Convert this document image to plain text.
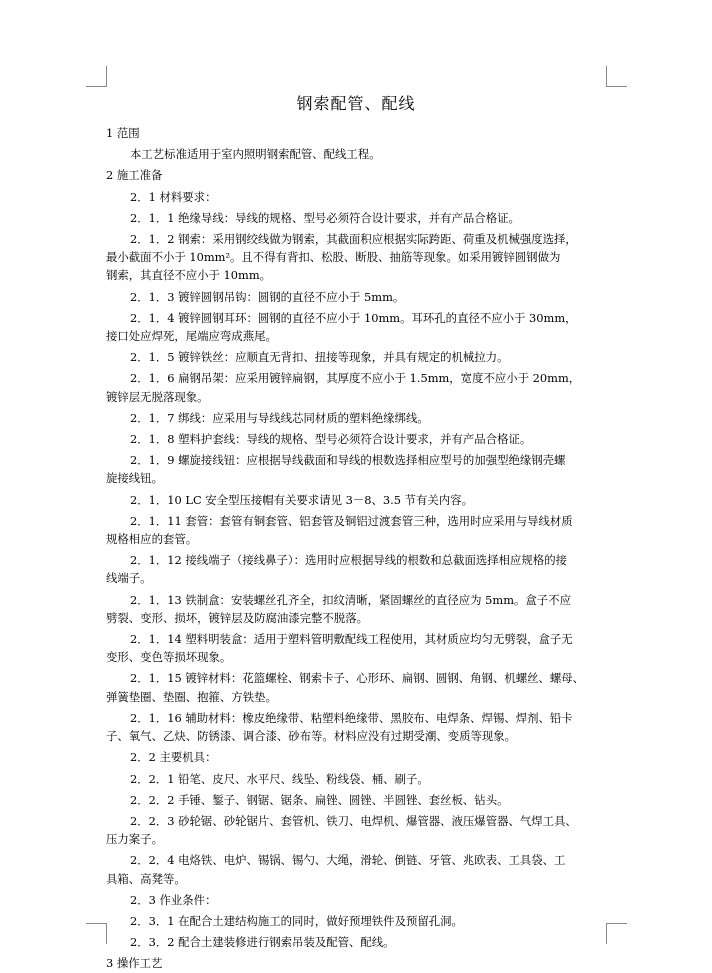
钢索配管、配线
1 范围
本工艺标准适用于室内照明钢索配管、配线工程。
2 施工准备
2．1 材料要求：
2．1．1 绝缘导线：导线的规格、型号必须符合设计要求，并有产品合格证。
2．1．2 钢索：采用钢绞线做为钢索，其截面积应根据实际跨距、荷重及机械强度选择，
最小截面不小于 10mm²。且不得有背扣、松股、断股、抽筋等现象。如采用镀锌圆钢做为
钢索，其直径不应小于 10mm。
2．1．3 镀锌圆钢吊钩：圆钢的直径不应小于 5mm。
2．1．4 镀锌圆钢耳环：圆钢的直径不应小于 10mm。耳环孔的直径不应小于 30mm，
接口处应焊死，尾端应弯成燕尾。
2．1．5 镀锌铁丝：应顺直无背扣、扭接等现象，并具有规定的机械拉力。
2．1．6 扁钢吊架：应采用镀锌扁钢，其厚度不应小于 1.5mm，宽度不应小于 20mm，
镀锌层无脱落现象。
2．1．7 绑线：应采用与导线线芯同材质的塑料绝缘绑线。
2．1．8 塑料护套线：导线的规格、型号必须符合设计要求，并有产品合格证。
2．1．9 螺旋接线钮：应根据导线截面和导线的根数选择相应型号的加强型绝缘钢壳螺
旋接线钮。
2．1．10 LC 安全型压接帽有关要求请见 3－8、3.5 节有关内容。
2．1．11 套管：套管有铜套管、铝套管及铜铝过渡套管三种，选用时应采用与导线材质
规格相应的套管。
2．1．12 接线端子（接线鼻子）：选用时应根据导线的根数和总截面选择相应规格的接
线端子。
2．1．13 铁制盒：安装螺丝孔齐全，扣纹清晰，紧固螺丝的直径应为 5mm。盒子不应
劈裂、变形、损坏，镀锌层及防腐油漆完整不脱落。
2．1．14 塑料明装盒：适用于塑料管明敷配线工程使用，其材质应均匀无劈裂，盒子无
变形、变色等损坏现象。
2．1．15 镀锌材料：花篮螺栓、钢索卡子、心形环、扁钢、圆钢、角钢、机螺丝、螺母、
弹簧垫圈、垫圈、抱箍、方铁垫。
2．1．16 辅助材料：橡皮绝缘带、粘塑料绝缘带、黑胶布、电焊条、焊锡、焊剂、铅卡
子、氧气、乙炔、防锈漆、调合漆、砂布等。材料应没有过期受潮、变质等现象。
2．2 主要机具：
2．2．1 铅笔、皮尺、水平尺、线坠、粉线袋、桶、刷子。
2．2．2 手锤、錾子、钢锯、锯条、扁锉、圆锉、半圆锉、套丝板、钻头。
2．2．3 砂轮锯、砂轮锯片、套管机、铁刀、电焊机、爆管器、液压爆管器、气焊工具、
压力案子。
2．2．4 电烙铁、电炉、锡锅、锡勺、大绳，滑轮、倒链、牙管、兆欧表、工具袋、工
具箱、高凳等。
2．3 作业条件：
2．3．1 在配合土建结构施工的同时，做好预埋铁件及预留孔洞。
2．3．2 配合土建装修进行钢索吊装及配管、配线。
3 操作工艺
